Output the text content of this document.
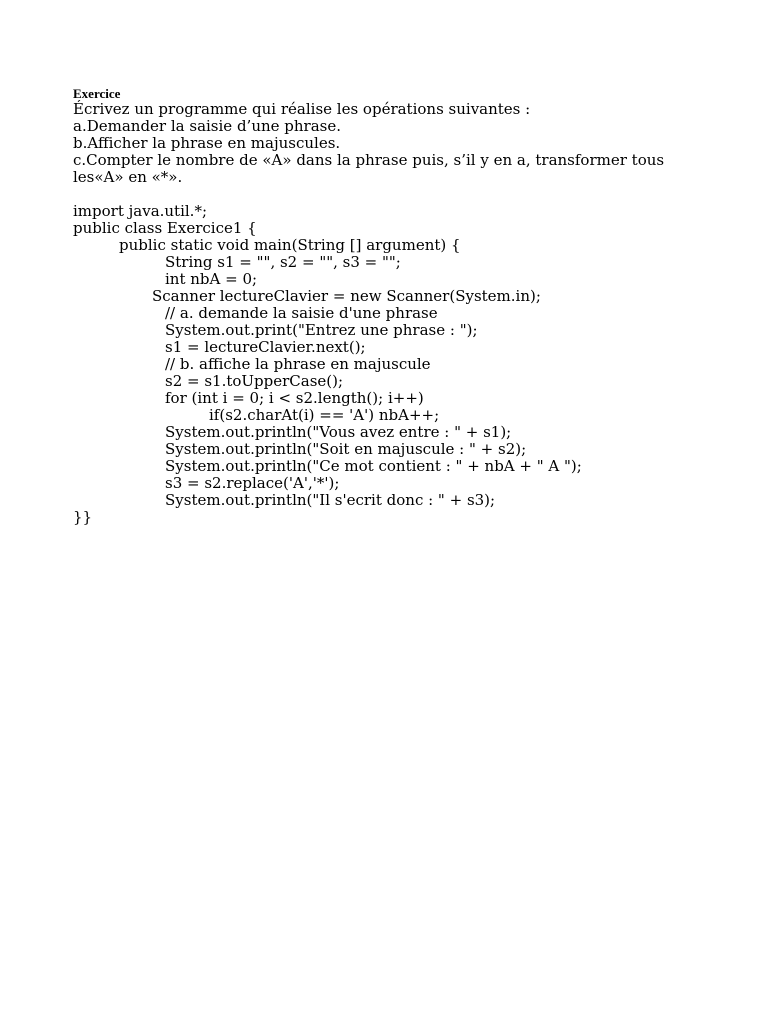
Exercice
Écrivez un programme qui réalise les opérations suivantes :
a.Demander la saisie d’une phrase.
b.Afficher la phrase en majuscules.
c.Compter le nombre de «A» dans la phrase puis, s’il y en a, transformer tous
les«A» en «*».
import java.util.*;
public class Exercice1 {
public static void main(String [] argument) {
String s1 = "", s2 = "", s3 = "";
int nbA = 0;
Scanner lectureClavier = new Scanner(System.in);
// a. demande la saisie d'une phrase
System.out.print("Entrez une phrase : ");
s1 = lectureClavier.next();
// b. affiche la phrase en majuscule
s2 = s1.toUpperCase();
for (int i = 0; i < s2.length(); i++)
if(s2.charAt(i) == 'A') nbA++;
System.out.println("Vous avez entre : " + s1);
System.out.println("Soit en majuscule : " + s2);
System.out.println("Ce mot contient : " + nbA + " A ");
s3 = s2.replace('A','*');
System.out.println("Il s'ecrit donc : " + s3);
}}
